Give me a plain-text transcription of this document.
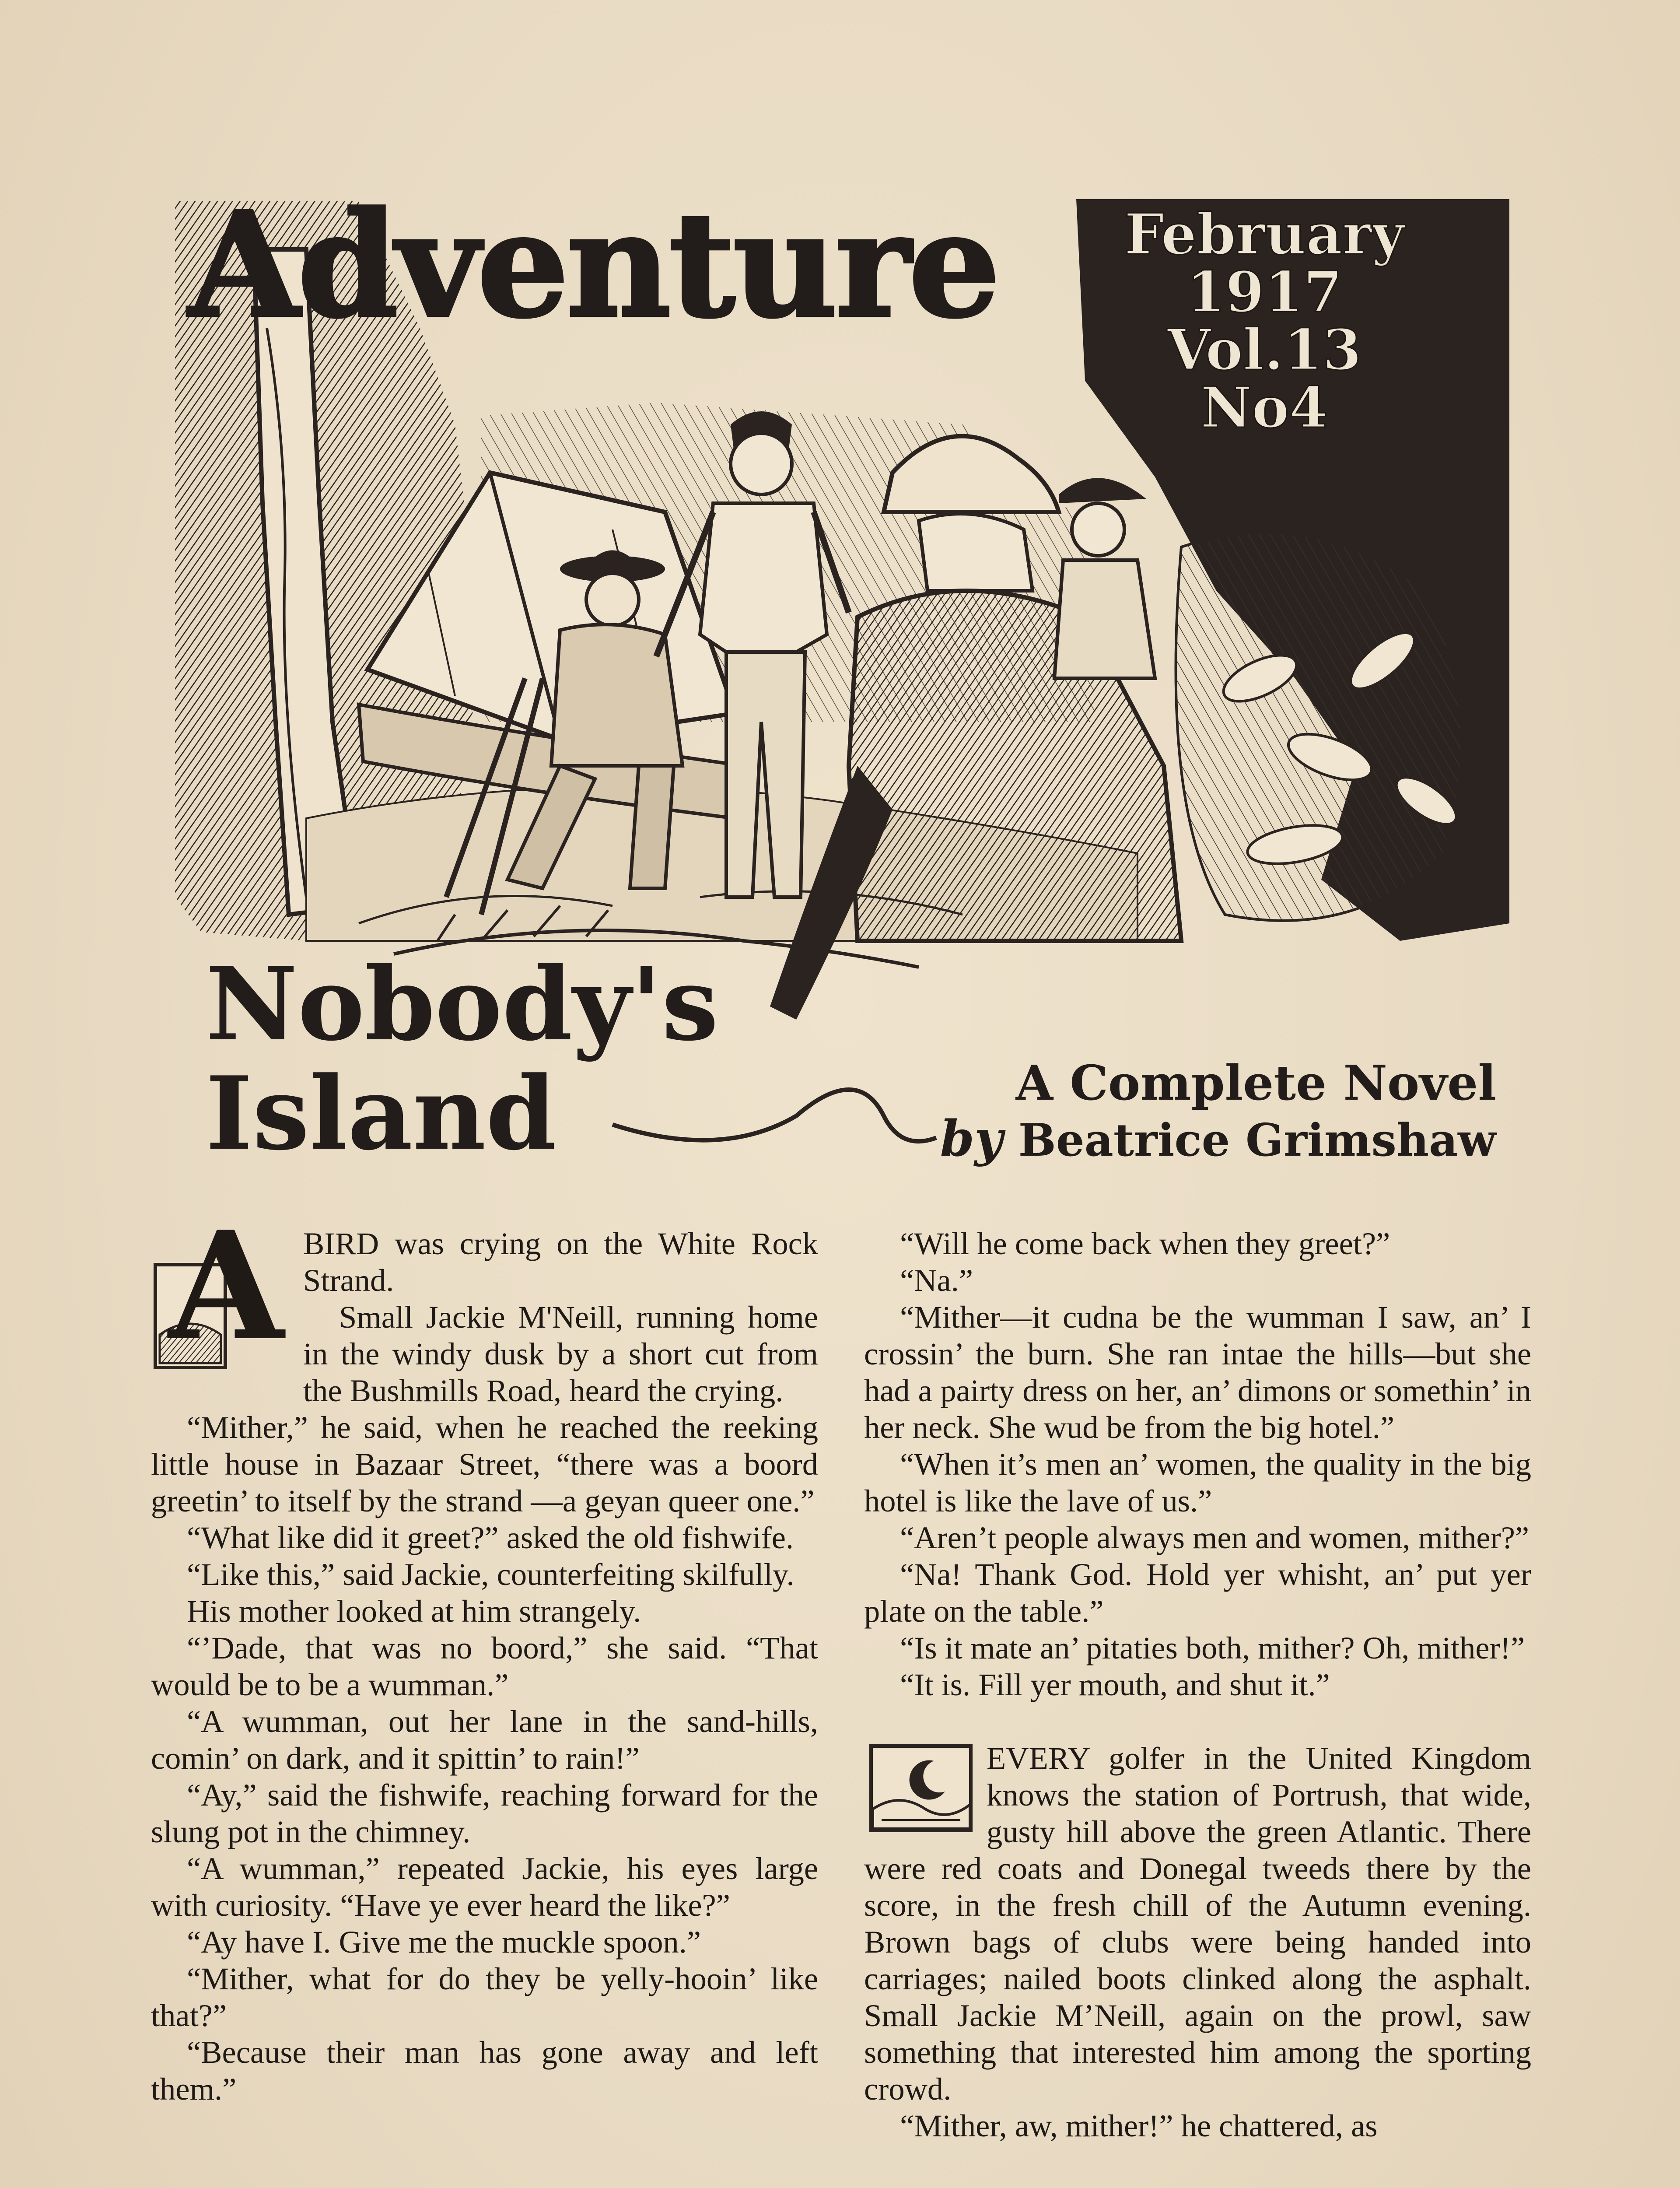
Adventure February
1917
Vol.13
No4
Nobody's
Island	A Complete Novel
by Beatrice Grimshaw
A BIRD was crying on the White Rock Strand.

Small Jackie M'Neill, running home in the windy dusk by a short cut from the Bushmills Road, heard the crying.

“Mither,” he said, when he reached the reeking little house in Bazaar Street, “there was a boord greetin’ to itself by the strand —a geyan queer one.”

“What like did it greet?” asked the old fishwife.

“Like this,” said Jackie, counterfeiting skilfully.

His mother looked at him strangely.

“’Dade, that was no boord,” she said. “That would be to be a wumman.”

“A wumman, out her lane in the sand-hills, comin’ on dark, and it spittin’ to rain!”

“Ay,” said the fishwife, reaching forward for the slung pot in the chimney.

“A wumman,” repeated Jackie, his eyes large with curiosity. “Have ye ever heard the like?”

“Ay have I. Give me the muckle spoon.”

“Mither, what for do they be yelly-hooin’ like that?”

“Because their man has gone away and left them.”

“Will he come back when they greet?”

“Na.”

“Mither—it cudna be the wumman I saw, an’ I crossin’ the burn. She ran intae the hills—but she had a pairty dress on her, an’ dimons or somethin’ in her neck. She wud be from the big hotel.”

“When it’s men an’ women, the quality in the big hotel is like the lave of us.”

“Aren’t people always men and women, mither?”

“Na! Thank God. Hold yer whisht, an’ put yer plate on the table.”

“Is it mate an’ pitaties both, mither? Oh, mither!”

“It is. Fill yer mouth, and shut it.”

EVERY golfer in the United Kingdom knows the station of Portrush, that wide, gusty hill above the green Atlantic. There were red coats and Donegal tweeds there by the score, in the fresh chill of the Autumn evening. Brown bags of clubs were being handed into carriages; nailed boots clinked along the asphalt. Small Jackie M’Neill, again on the prowl, saw something that interested him among the sporting crowd.

“Mither, aw, mither!” he chattered, as
